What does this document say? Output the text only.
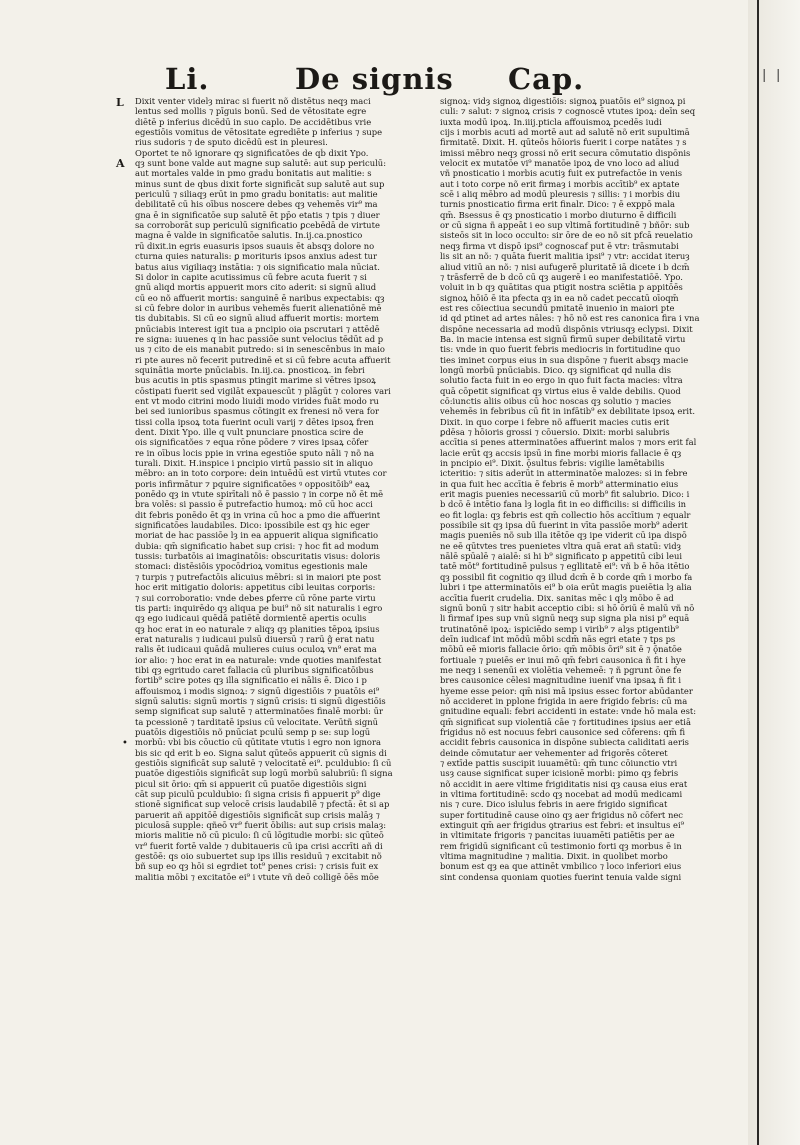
| |
Li.	De signis Cap.
L
A
•
Dixit venter videlȝ mirac si fuerit nõ distētus neqȝ maci
lentus sed mollis ⁊ pīguis bonū. Sed de vētositate egre
diētē p inferius dicēdū in suo caplo. De accidētibus vrie
egestiōis vomitus de vētositate egrediēte p inferius ⁊ supe
rius sudoris ⁊ de sputo dicēdū est in pleuresi.
Oportet te nõ ignorare qȝ significatões de qb̄ dixit Ypo.
qȝ sunt bone valde aut magne sup salutē: aut sup periculū:
aut mortales valde in pmo gradu bonitatis aut malitie: s
minus sunt de qbus dixit forte significāt sup salutē aut sup
periculū ⁊ siliaqȝ erūt in pmo gradu bonitatis: aut malitie
debilitatē cū his oībus noscere debes qȝ vehemēs vir⁹ ma
gna ē in significatōe sup salutē ēt pp̄o etatis ⁊ tpis ⁊ diuer
sa corroborāt sup periculū significatio ꝑcebēdā de virtute
magna ē valde in significatōe salutis. In.ij.ca.pnostico
rū dixit.in egris euasuris ipsos suauis ēt absqȝ dolore no
cturna quies naturalis: ꝑ morituris ipsos anxius adest tur
batus aius vigiliaqȝ instātia: ⁊ ois significatio mala nūciat.
Si dolor in capite acutissimus cū febre acuta fuerit ⁊ si
gnū aliqd mortis appuerit mors cito aderit: si signū aliud
cū eo nõ affuerit mortis: sanguinē ē naribus expectabis: qȝ
si cū febre dolor in auribus vehemēs fuerit alienatiōnē mē
tis dubitabis. Si cū eo signū aliud affuerit mortis: mortem
pnūciabis interest igit tua a pncipio oia pscrutari ⁊ attēdē
re signa: iuuenes q in hac passiōe sunt velocius tēdūt ad p
us ⁊ cito de eis manabit putredo: si in senescēnbus in maio
ri pte aures nõ fecerit putredinē et si cū febre acuta affuerit
squinātia morte pnūciabis. In.iij.ca. pnosticoꝝ. in febri
bus acutis in ptis spasmus ptingit marime si vētres ipsoꝝ
cōstipati fuerit sed vigilāt expauescūt ⁊ plāgūt ⁊ colores vari
ent vt modo citrini modo liuidi modo virides fuāt modo ru
bei sed iunioribus spasmus cōtingit ex frenesi nõ vera for
tissi colla ipsoꝝ tota fuerint oculi varij ⁊ dētes ipsoꝝ fren
dent. Dixit Ypo. ille q vult pnunciare pnostica scire de
ois significatões ⁊ equa rōne pōdere ⁊ vires ipsaꝝ cōfer
re in oībus locis ppie in vrina egestiōe sputo nāli ⁊ nõ na
turali. Dixit. H.inspice i pncipio virtū passio sit in aliquo
mēbro: an in toto corpore: dein intuēdū est virtū vtutes cor
poris infirmātur ⁊ pquire significatōes ꝰ oppositōib⁹ eaꝝ
ponēdo qȝ in vtute spirītali nõ ē passio ⁊ in corpe nõ ēt mē
bra volēs: si passio ē putrefactio humoꝝ: mō cū hoc acci
dit febris ponēdo ēt qȝ in vrina cū hoc a pmo die affuerint
significatōes laudabiles. Dico: ipossibile est qȝ hic eger
moriat de hac passiōe lȝ in ea appuerit aliqua significatio
dubia: qm̄ significatio habet sup crisi: ⁊ hoc fit ad modum
tussis: turbatōis ai imaginatōis: obscuritatis visus: doloris
stomaci: distēsiōis ypocōdrioꝝ vomitus egestionis male
⁊ turpis ⁊ putrefactōis alicuius mēbri: si in maiori pte post
hoc erit mitigatio doloris: appetitus cibi leuitas corporis:
⁊ sui corroboratio: vnde debes ꝑferre cū rōne parte virtu
tis parti: inquirēdo qȝ aliqua pe bui⁹ nõ sit naturalis i egro
qȝ ego iudicaui quēdā patiētē dormientē apertis oculis
qȝ hoc erat in eo naturale ⁊ aliqȝ qȝ planities tēpoꝝ ipsius
erat naturalis ⁊ iudicaui pulsū diuersū ⁊ rarū ĝ erat natu
ralis ēt iudicaui quādā mulieres cuius oculoꝝ vn⁹ erat ma
ior alio: ⁊ hoc erat in ea naturale: vnde quoties manifestat
tibi qȝ egritudo caret fallacia cū pluribus significatōibus
fortib⁹ scire potes qȝ illa significatio ei nālis ē. Dico i p
affouismoꝝ i modis signoꝝ: ⁊ signū digestiōis ⁊ puatōis ei⁹
signū salutis: signū mortis ⁊ signū crisis: ti signū digestiōis
semp significat sup salutē ⁊ atterminatōes finalē morbi: ūr
ta pcessionē ⁊ tarditatē ipsius cū velocitate. Verūtñ signū
puatōis digestiōis nõ pnūciat pculū semp p se: sup logū
morbū: vbi bis cōuctio cū qūtitate vtutis i egro non ignora
bis sic qd erit b eo. Signa salut qūteōs appuerit cū signis di
gestiōis significāt sup salutē ⁊ velocitatē ei⁹. pculdubio: ſi cū
puatōe digestiōis significāt sup logū morbū salubriū: ſi signa
picul sit ōrio: qm̄ si appuerit cū puatōe digestiōis signi
cāt sup piculū pculdubio: ſi signa crisis fi appuerit p⁹ dige
stionē significat sup velocē crisis laudabilē ⁊ pfectā: ēt si ap
paruerit añ appitōē digestiōis significāt sup crisis malāȝ ⁊
piculosā supple: qñeō vr⁹ fuerit ōbilis: aut sup crisis malaȝ:
mioris malitie nõ cū piculo: ſi cū lōgitudie morbi: sic qūteō
vr⁹ fuerit fortē valde ⁊ dubitaueris cū ipa crisi accrīti añ di
gestōē: qs oio subuertet sup ips illis residuū ⁊ excitabit nõ
bñ sup eo qȝ hōi si egrdiet tot⁹ penes crisi: ⁊ crisis fuit ex
malitia mōbi ⁊ excitatōe ei⁹ i vtute vñ deō colligē ōēs mōe
signoꝝ: vidȝ signoꝝ digestiōis: signoꝝ puatōis ei⁹ signoꝝ pi
culi: ⁊ salut: ⁊ signoꝝ crisis ⁊ cognoscē vtutes ipoꝝ: deīn seq
iuxta modū ipoꝝ. In.iiij.pticla affouismoꝝ pcedēs iudi
cijs i morbis acuti ad mortē aut ad salutē nõ erit supultimā
firmitatē. Dixit. H. qūteōs hōioris fuerit i corpe natātes ⁊ s
imissi mēbro neqȝ grossi nõ erit secura cōmutatio dispōnis
velocit ex mutatōe vi⁹ manatōe ipoꝝ de vno loco ad aliud
vñ pnosticatio i morbis acutiȝ fuit ex putrefactōe in venis
aut i toto corpe nõ erit firmaȝ i morbis accītib⁹ ex aptate
scē i aliq mēbro ad modū pleuresis ⁊ sillis: ⁊ i morbis diu
turnis pnosticatio firma erit finalr. Dico: ⁊ ē exppō mala
qm̄. Bsessus ē qȝ pnosticatio i morbo diuturno ē difficili
or cū signa ñ appeāt i eo sup vltimā fortitudinē ⁊ bñōr: sub
sisteōs sit in loco occulto: sir ōre de eo nõ sit pfcā reuelatio
neqȝ firma vt dispō ipsi⁹ cognoscaf put ē vtr: trāsmutabi
lis sit an nõ: ⁊ quāta fuerit malitia ipsi⁹ ⁊ vtr: accidat iteruȝ
aliud vitiū an nõ: ⁊ nisi aufugerē pluritatē iā dicete i b dcm̄
⁊ trāsferrē de b dcō cū qȝ augerē i eo manifestatiōē. Ypo.
voluit in b qȝ quātitas qua ptigit nostra sciētia p appitōēs
signoꝝ hōiō ē ita pfecta qȝ in ea nõ cadet peccatū oīoqm̄
est res cōiectiua secundū pmitatē inuenio in maiori pte
id qd ptinet ad artes nāles: ⁊ hō nõ est res canonica fira i vna
dispōne necessaria ad modū dispōnis vtriusqȝ eclypsi. Dixit
Ba. in macie intensa est signū firmū super debilitatē virtu
tis: vnde in quo fuerit febris mediocris in fortitudine quo
ties iminet corpus eius in sua dispōne ⁊ fuerit absqȝ macie
longū morbū pnūciabis. Dico. qȝ significat qd nulla dis
solutio facta fuit in eo ergo in quo fuit facta macies: vltra
quā cōpetit significat qȝ virtus eius ē valde debilis. Quod
cō:iunctis aliis oibus cū hoc noscas qȝ solutio ⁊ macies
vehemēs in febribus cū fit in infātib⁹ ex debilitate ipsoꝝ erit.
Dixit. in quo corpe i febre nõ affuerit macies cutis erit
ꝑdēsa ⁊ hōioris grossi ⁊ cōuersio. Dixit: morbi salubris
accītia si penes atterminatōes affuerint malos ⁊ mors erit fal
lacie erūt qȝ accsis ipsū in fine morbi mioris fallacie ē qȝ
in pncipio ei⁹. Dixit. ǭsultus febris: vigilie lamētabilis
icteritio: ⁊ sitis aderūt in atterminatōe malozes: si in febre
in qua fuit hec accītia ē febris ē morb⁹ atterminatio eius
erit magis puenies necessariū cū morb⁹ fit salubrio. Dico: i
b dcō ē intētio fana lȝ logla fit in eo difficilis: si difficilis in
eo fit logla: qȝ febris est qm̄ collectio hōs accītium ⁊ equalr
possibile sit qȝ ipsa dū fuerint in vīta passiōe morb⁹ aderit
magis pueniēs nõ sub illa itētōe qȝ ipe viderit cū ipa dispō
ne eē qūtvtes tres puenietes vltra quā erat añ statū: vidȝ
nālē spūalē ⁊ aialē: si hi b⁹ significato p appetitū cibi leui
tatē mōt⁹ fortitudinē pulsus ⁊ egllitatē ei⁹: vñ b ē hōa itētio
qȝ possibil fit cognitio qȝ illud dcm̄ ē b corde qm̄ i morbo fa
lubri i tpe atterminatōis ei⁹ b oia erūt magis pueiētia lȝ alia
accītia fuerit crudelia. Dix. sanitas mēc i qlȝ mōbo ē ad
signū bonū ⁊ sitr habit acceptio cibi: si hō ōriū ē malū vñ nō
li firmaf ipes sup vnū signū neqȝ sup signa pla nisi p⁹ equā
trutinatōnē ipoꝝ: ispiciēdo semp i virib⁹ ⁊ alȝs ptigentib⁹
deīn iudicaf int mōdū mōbi scdm̄ nās egri etate ⁊ tps ps
mōbū eē mioris fallacie ōrio: qm̄ mōbis ōri⁹ sit ē ⁊ ǭnatōe
fortiuale ⁊ pueiēs er inui mō qm̄ febri causonica ñ fit i hye
me neqȝ i senenūi ex violētia vehemeē: ⁊ ñ pgrunt ōne fe
bres causonice cēlesi magnitudine iuenif vna ipsaꝝ ñ fit i
hyeme esse peior: qm̄ nisi mā ipsius essec fortor abūdanter
nõ accideret in pplone frigida in aere frigido febris: cū ma
gnitudine equali: febri accidenti in estate: vnde hō mala est:
qm̄ significat sup violentiā cāe ⁊ fortitudines ipsius aer etiā
frigidus nõ est nocuus febri causonice sed cōferens: qm̄ fi
accidit febris causonica in dispōne subiecta caliditati aeris
deinde cōmutatur aer vehementer ad frigorēs cōteret
⁊ extīde pattis suscipit iuuamētū: qm̄ tunc cōiunctio vtri
usȝ cause significat super icisionē morbi: pimo qȝ febris
nõ accidit in aere vltime frigiditatis nisi qȝ causa eius erat
in vltima fortitudinē: scdo qȝ nocebat ad modū medicami
nis ⁊ cure. Dico islulus febris in aere frigido significat
super fortitudinē cause oino qȝ aer frigidus nõ cōfert nec
extinguit qm̄ aer frigidus ꝯtrarius est febri: et insultus ei⁹
in vltimitate frigoris ⁊ pancitas iuuamēti patiētis per ae
rem frigidū significant cū testimonio forti qȝ morbus ē in
vltima magnitudine ⁊ malitia. Dixit. in quolibet morbo
bonum est qȝ ea que attinēt vmbilico ⁊ loco inferiori eius
sint condensa quoniam quoties fuerint tenuia valde signi
